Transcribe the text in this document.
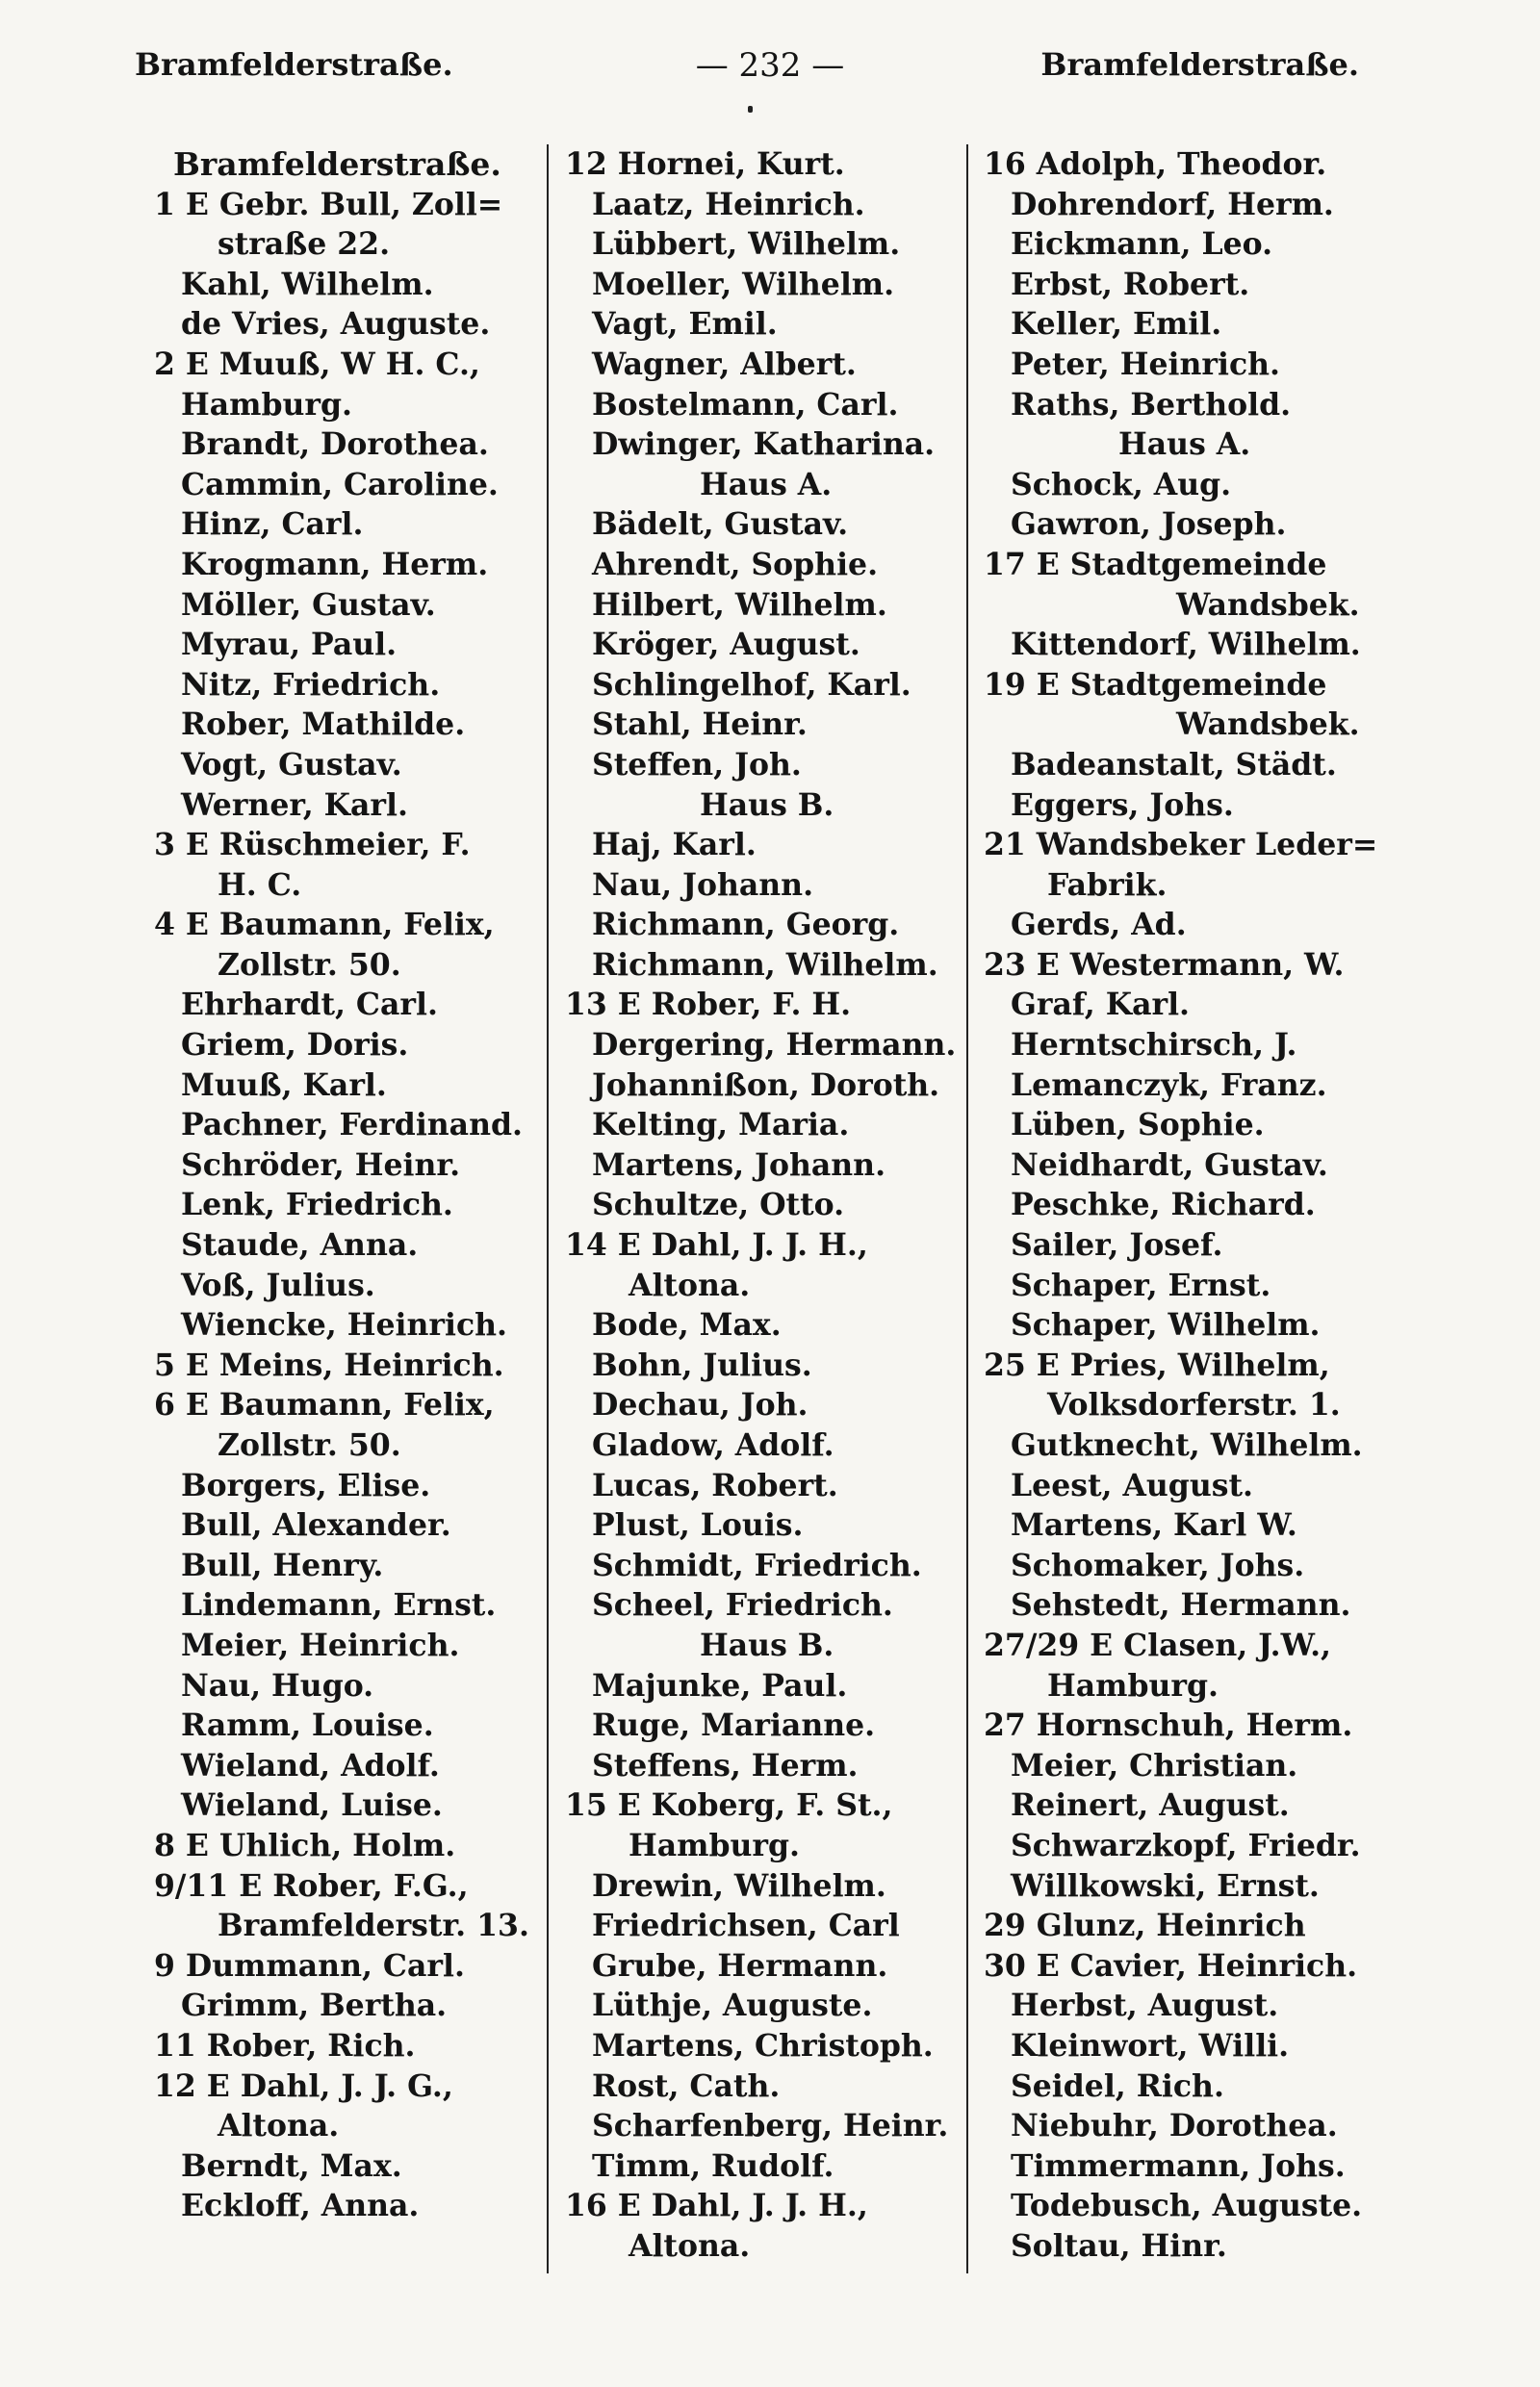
Bramfelderstraße.	— 232 —	Bramfelderstraße.
Bramfelderstraße.
1 E Gebr. Bull, Zoll=
straße 22.
Kahl, Wilhelm.
de Vries, Auguste.
2 E Muuß, W H. C.,
Hamburg.
Brandt, Dorothea.
Cammin, Caroline.
Hinz, Carl.
Krogmann, Herm.
Möller, Gustav.
Myrau, Paul.
Nitz, Friedrich.
Rober, Mathilde.
Vogt, Gustav.
Werner, Karl.
3 E Rüschmeier, F.
H. C.
4 E Baumann, Felix,
Zollstr. 50.
Ehrhardt, Carl.
Griem, Doris.
Muuß, Karl.
Pachner, Ferdinand.
Schröder, Heinr.
Lenk, Friedrich.
Staude, Anna.
Voß, Julius.
Wiencke, Heinrich.
5 E Meins, Heinrich.
6 E Baumann, Felix,
Zollstr. 50.
Borgers, Elise.
Bull, Alexander.
Bull, Henry.
Lindemann, Ernst.
Meier, Heinrich.
Nau, Hugo.
Ramm, Louise.
Wieland, Adolf.
Wieland, Luise.
8 E Uhlich, Holm.
9/11 E Rober, F.G.,
Bramfelderstr. 13.
9 Dummann, Carl.
Grimm, Bertha.
11 Rober, Rich.
12 E Dahl, J. J. G.,
Altona.
Berndt, Max.
Eckloff, Anna.
12 Hornei, Kurt.
Laatz, Heinrich.
Lübbert, Wilhelm.
Moeller, Wilhelm.
Vagt, Emil.
Wagner, Albert.
Bostelmann, Carl.
Dwinger, Katharina.
Haus A.
Bädelt, Gustav.
Ahrendt, Sophie.
Hilbert, Wilhelm.
Kröger, August.
Schlingelhof, Karl.
Stahl, Heinr.
Steffen, Joh.
Haus B.
Haj, Karl.
Nau, Johann.
Richmann, Georg.
Richmann, Wilhelm.
13 E Rober, F. H.
Dergering, Hermann.
Johannißon, Doroth.
Kelting, Maria.
Martens, Johann.
Schultze, Otto.
14 E Dahl, J. J. H.,
Altona.
Bode, Max.
Bohn, Julius.
Dechau, Joh.
Gladow, Adolf.
Lucas, Robert.
Plust, Louis.
Schmidt, Friedrich.
Scheel, Friedrich.
Haus B.
Majunke, Paul.
Ruge, Marianne.
Steffens, Herm.
15 E Koberg, F. St.,
Hamburg.
Drewin, Wilhelm.
Friedrichsen, Carl
Grube, Hermann.
Lüthje, Auguste.
Martens, Christoph.
Rost, Cath.
Scharfenberg, Heinr.
Timm, Rudolf.
16 E Dahl, J. J. H.,
Altona.
16 Adolph, Theodor.
Dohrendorf, Herm.
Eickmann, Leo.
Erbst, Robert.
Keller, Emil.
Peter, Heinrich.
Raths, Berthold.
Haus A.
Schock, Aug.
Gawron, Joseph.
17 E Stadtgemeinde
Wandsbek.
Kittendorf, Wilhelm.
19 E Stadtgemeinde
Wandsbek.
Badeanstalt, Städt.
Eggers, Johs.
21 Wandsbeker Leder=
Fabrik.
Gerds, Ad.
23 E Westermann, W.
Graf, Karl.
Herntschirsch, J.
Lemanczyk, Franz.
Lüben, Sophie.
Neidhardt, Gustav.
Peschke, Richard.
Sailer, Josef.
Schaper, Ernst.
Schaper, Wilhelm.
25 E Pries, Wilhelm,
Volksdorferstr. 1.
Gutknecht, Wilhelm.
Leest, August.
Martens, Karl W.
Schomaker, Johs.
Sehstedt, Hermann.
27/29 E Clasen, J.W.,
Hamburg.
27 Hornschuh, Herm.
Meier, Christian.
Reinert, August.
Schwarzkopf, Friedr.
Willkowski, Ernst.
29 Glunz, Heinrich
30 E Cavier, Heinrich.
Herbst, August.
Kleinwort, Willi.
Seidel, Rich.
Niebuhr, Dorothea.
Timmermann, Johs.
Todebusch, Auguste.
Soltau, Hinr.
